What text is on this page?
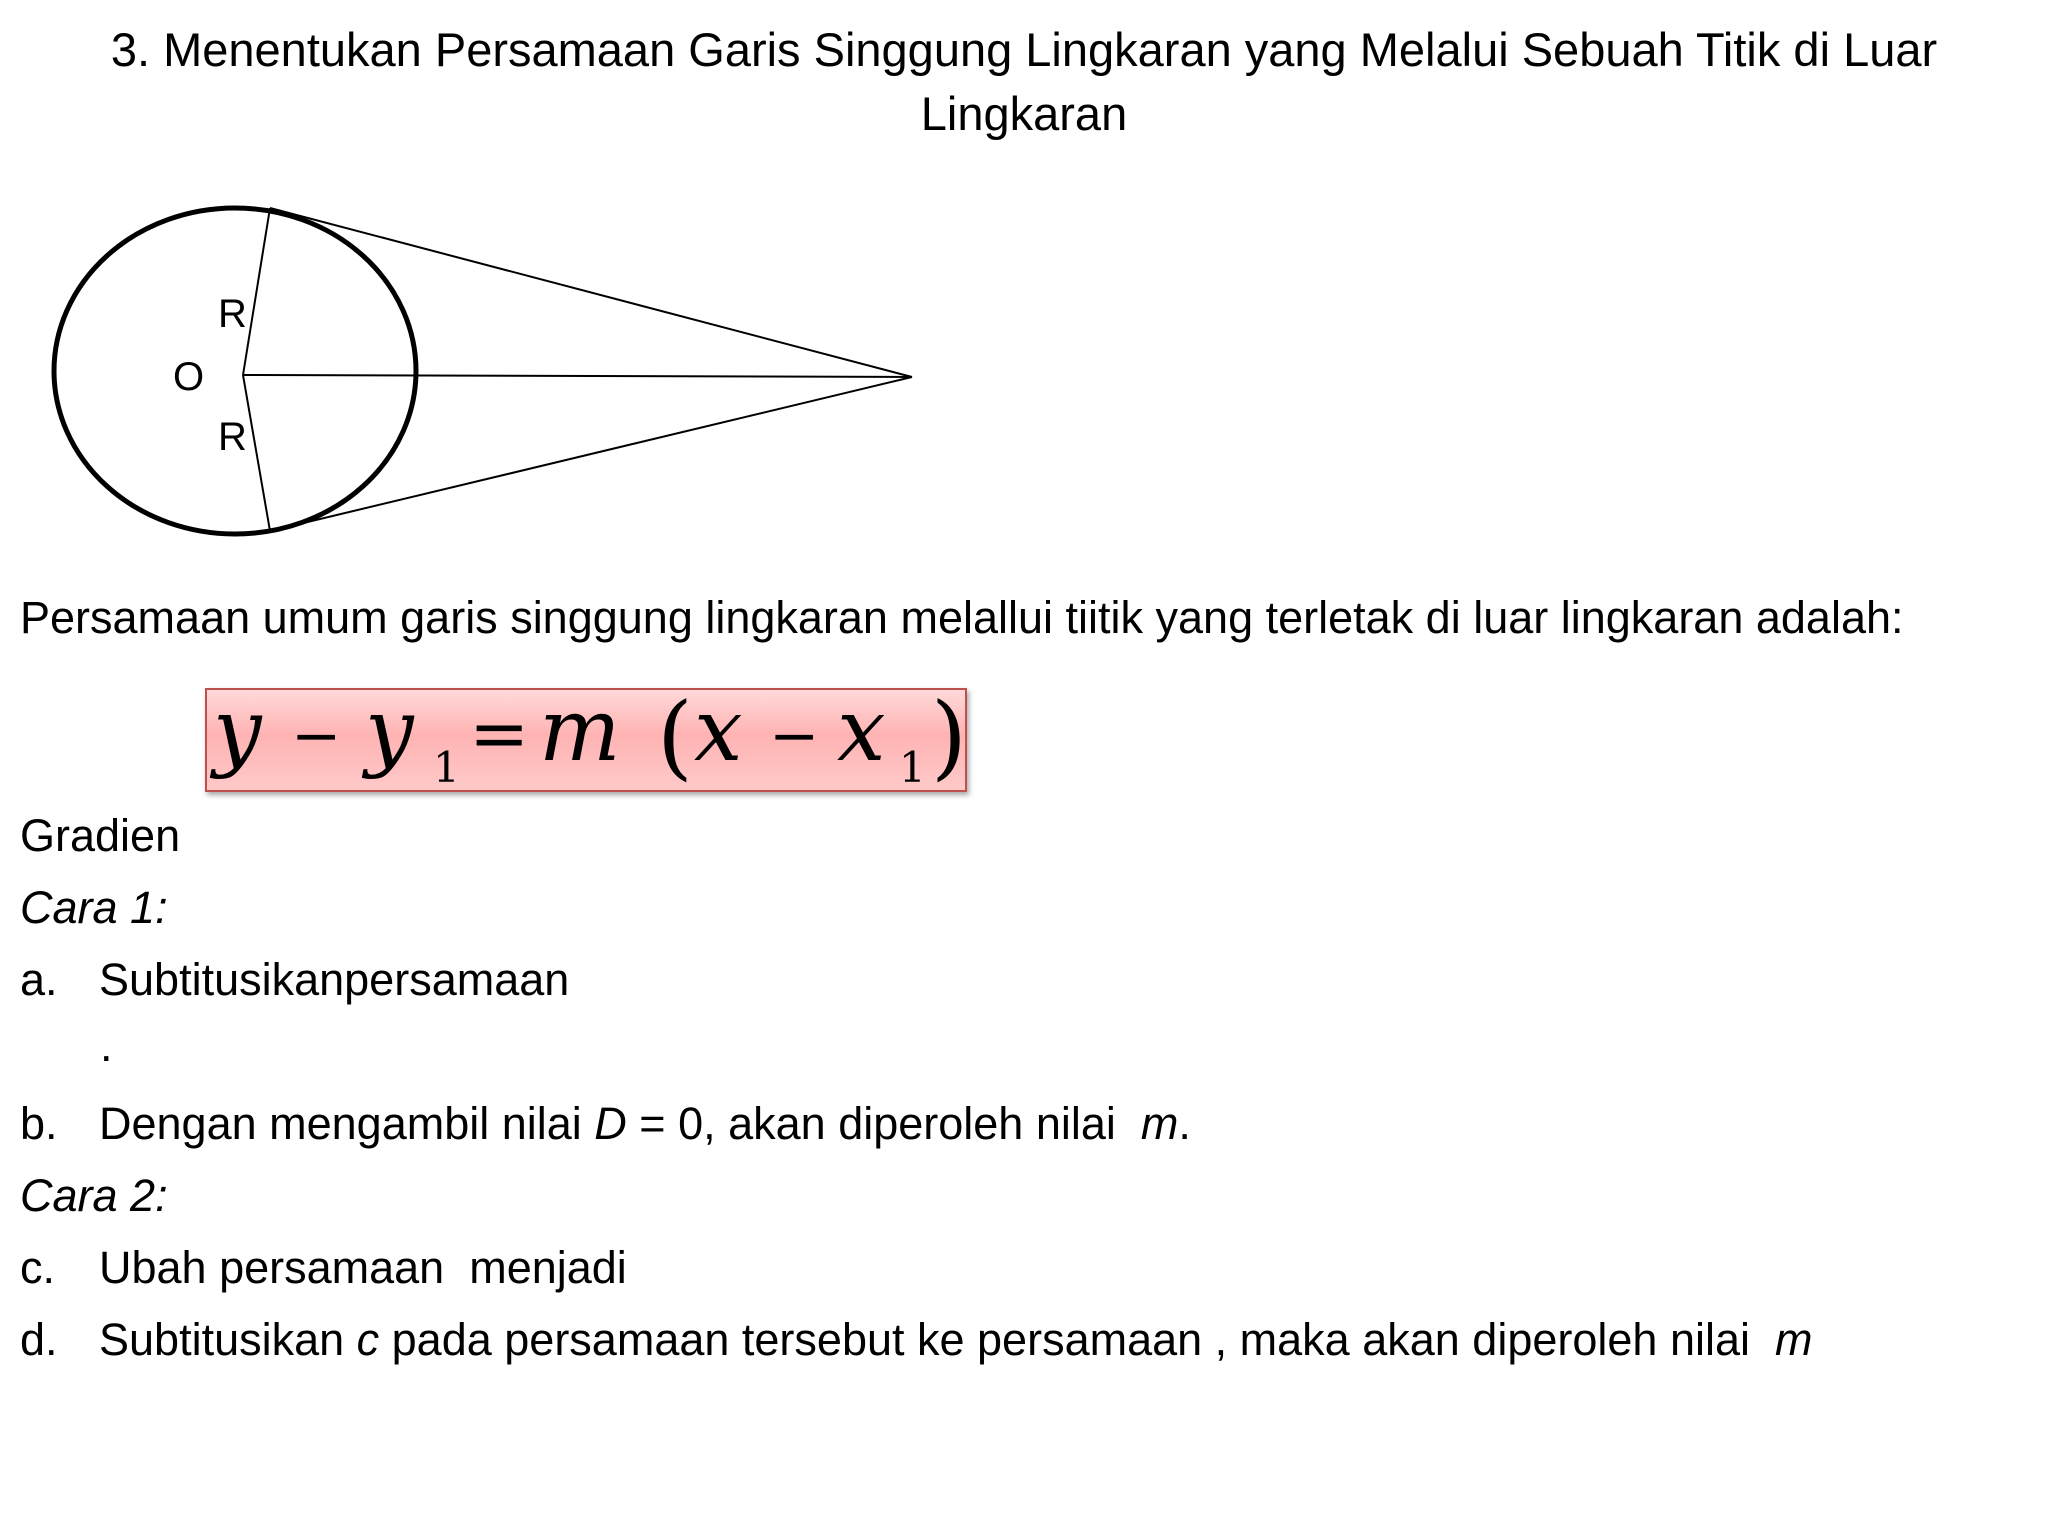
3. Menentukan Persamaan Garis Singgung Lingkaran yang Melalui Sebuah Titik di Luar Lingkaran
R
O
R
Persamaan umum garis singgung lingkaran melallui tiitik yang terletak di luar lingkaran adalah:
y − y 1 = m ( x − x 1 )
Gradien
Cara 1:
a. Subtitusikanpersamaan
.
b. Dengan mengambil nilai D = 0, akan diperoleh nilai  m.
Cara 2:
c. Ubah persamaan  menjadi
d. Subtitusikan c pada persamaan tersebut ke persamaan , maka akan diperoleh nilai  m
